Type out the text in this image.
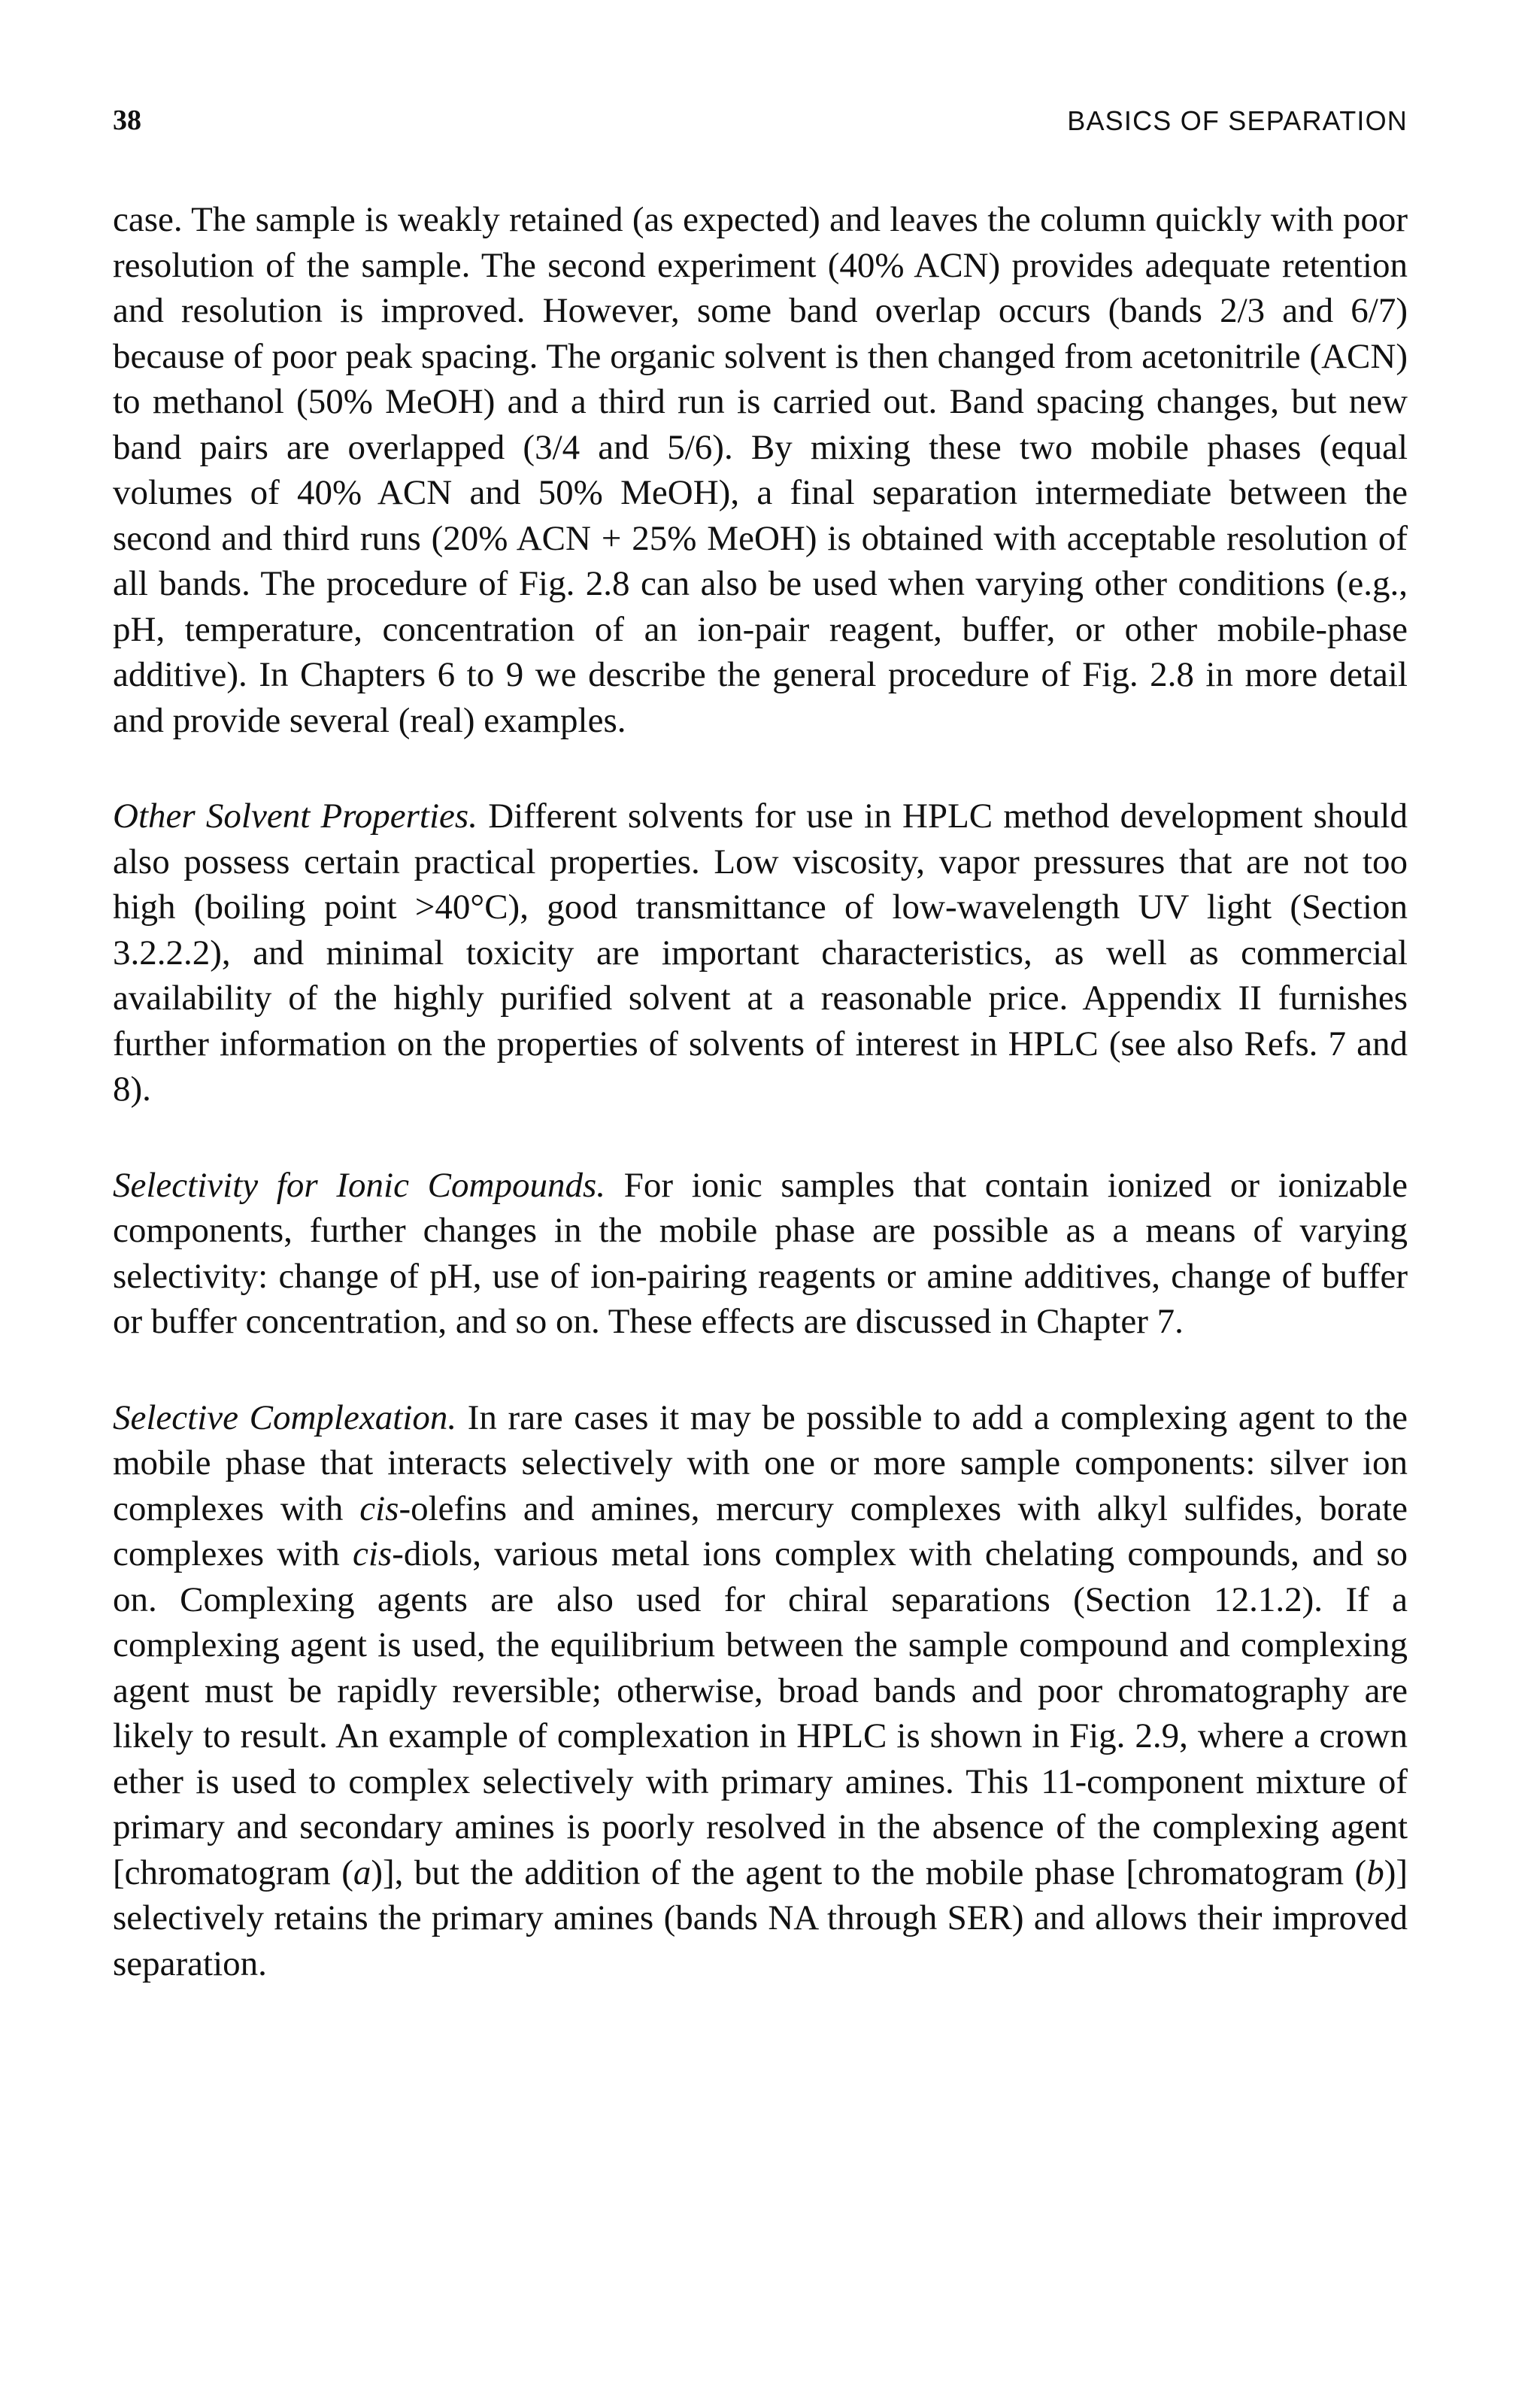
38	BASICS OF SEPARATION

case. The sample is weakly retained (as expected) and leaves the column quickly with poor resolution of the sample. The second experiment (40% ACN) provides adequate retention and resolution is improved. However, some band overlap occurs (bands 2/3 and 6/7) because of poor peak spacing. The organic solvent is then changed from acetonitrile (ACN) to methanol (50% MeOH) and a third run is carried out. Band spacing changes, but new band pairs are overlapped (3/4 and 5/6). By mixing these two mobile phases (equal volumes of 40% ACN and 50% MeOH), a final separation intermediate between the second and third runs (20% ACN + 25% MeOH) is obtained with acceptable resolution of all bands. The procedure of Fig. 2.8 can also be used when varying other conditions (e.g., pH, temperature, concentration of an ion-pair reagent, buffer, or other mobile-phase additive). In Chapters 6 to 9 we describe the general procedure of Fig. 2.8 in more detail and provide several (real) examples.

Other Solvent Properties. Different solvents for use in HPLC method development should also possess certain practical properties. Low viscosity, vapor pressures that are not too high (boiling point >40°C), good transmittance of low-wavelength UV light (Section 3.2.2.2), and minimal toxicity are important characteristics, as well as commercial availability of the highly purified solvent at a reasonable price. Appendix II furnishes further information on the properties of solvents of interest in HPLC (see also Refs. 7 and 8).

Selectivity for Ionic Compounds. For ionic samples that contain ionized or ionizable components, further changes in the mobile phase are possible as a means of varying selectivity: change of pH, use of ion-pairing reagents or amine additives, change of buffer or buffer concentration, and so on. These effects are discussed in Chapter 7.

Selective Complexation. In rare cases it may be possible to add a complexing agent to the mobile phase that interacts selectively with one or more sample components: silver ion complexes with cis-olefins and amines, mercury complexes with alkyl sulfides, borate complexes with cis-diols, various metal ions complex with chelating compounds, and so on. Complexing agents are also used for chiral separations (Section 12.1.2). If a complexing agent is used, the equilibrium between the sample compound and complexing agent must be rapidly reversible; otherwise, broad bands and poor chromatography are likely to result. An example of complexation in HPLC is shown in Fig. 2.9, where a crown ether is used to complex selectively with primary amines. This 11-component mixture of primary and secondary amines is poorly resolved in the absence of the complexing agent [chromatogram (a)], but the addition of the agent to the mobile phase [chromatogram (b)] selectively retains the primary amines (bands NA through SER) and allows their improved separation.
